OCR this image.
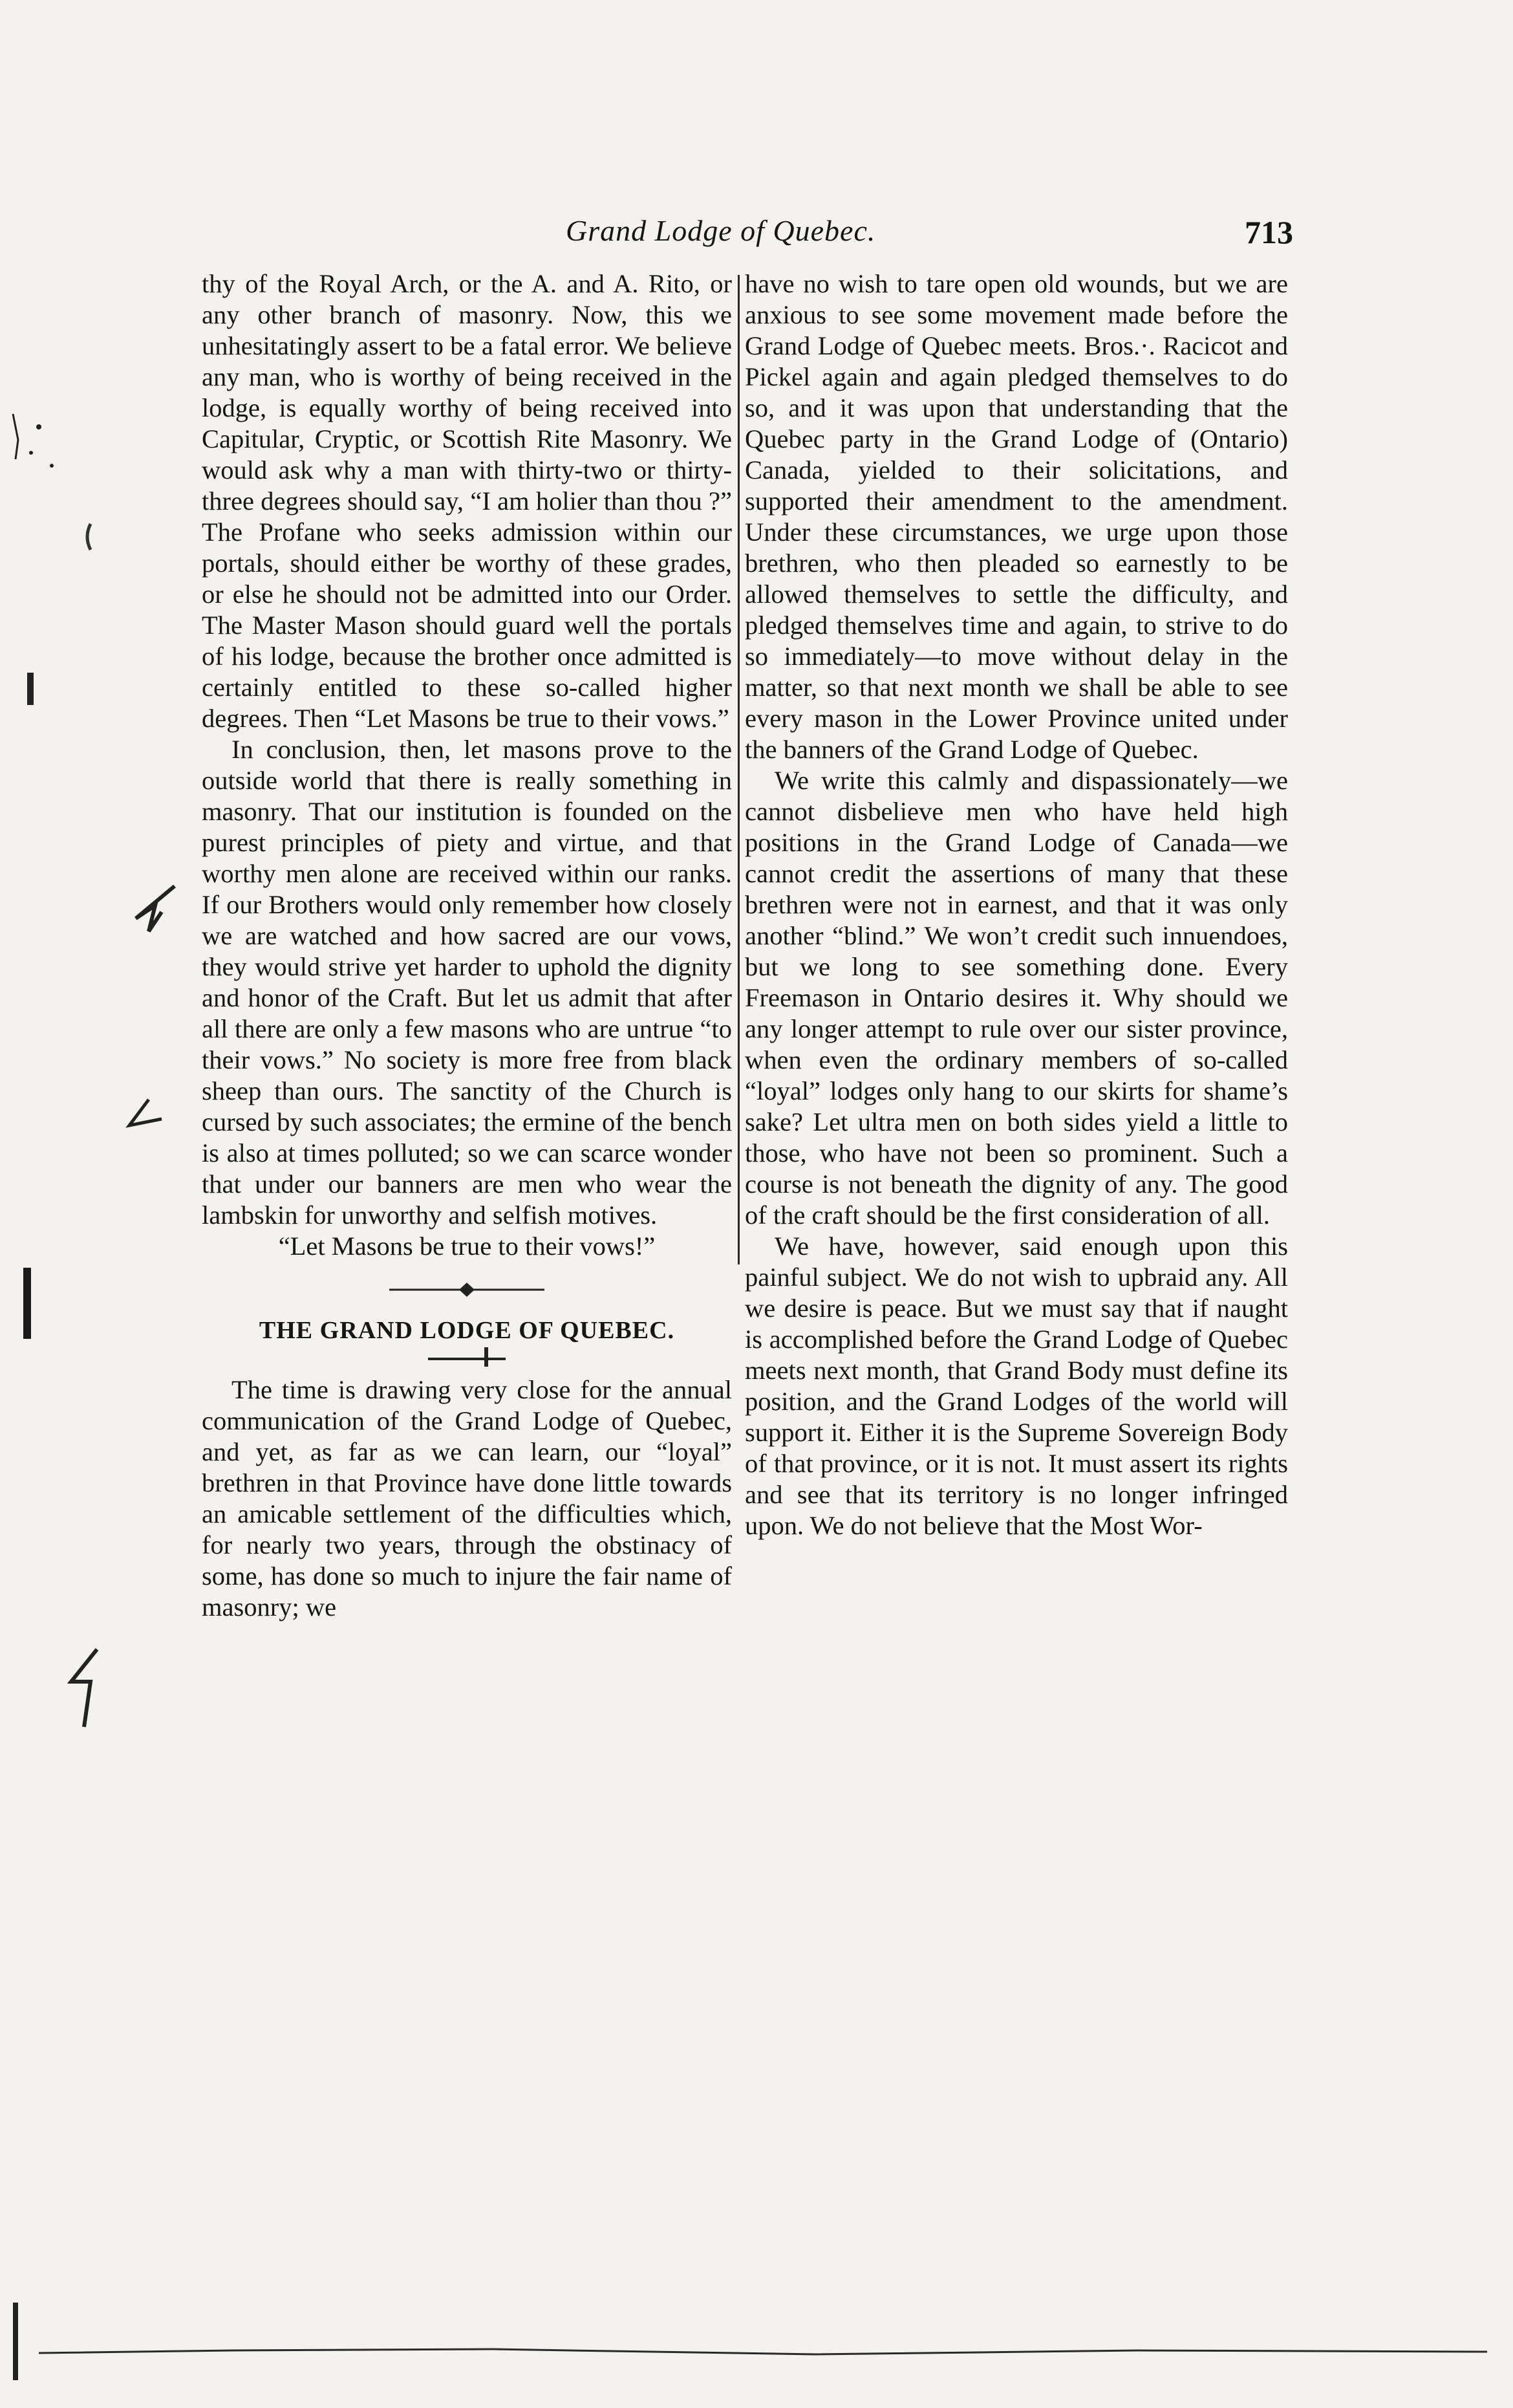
Grand Lodge of Quebec.	713

thy of the Royal Arch, or the A. and A. Rito, or any other branch of masonry. Now, this we unhesitatingly assert to be a fatal error. We believe any man, who is worthy of being received in the lodge, is equally worthy of being received into Capitular, Cryptic, or Scottish Rite Masonry. We would ask why a man with thirty-two or thirty-three degrees should say, “I am holier than thou ?” The Profane who seeks admission within our portals, should either be worthy of these grades, or else he should not be admitted into our Order. The Master Mason should guard well the portals of his lodge, because the brother once admitted is certainly entitled to these so-called higher degrees. Then “Let Masons be true to their vows.”

In conclusion, then, let masons prove to the outside world that there is really something in masonry. That our institution is founded on the purest principles of piety and virtue, and that worthy men alone are received within our ranks. If our Brothers would only remember how closely we are watched and how sacred are our vows, they would strive yet harder to uphold the dignity and honor of the Craft. But let us admit that after all there are only a few masons who are untrue “to their vows.” No society is more free from black sheep than ours. The sanctity of the Church is cursed by such associates; the ermine of the bench is also at times polluted; so we can scarce wonder that under our banners are men who wear the lambskin for unworthy and selfish motives.

“Let Masons be true to their vows!”

THE GRAND LODGE OF QUEBEC.

The time is drawing very close for the annual communication of the Grand Lodge of Quebec, and yet, as far as we can learn, our “loyal” brethren in that Province have done little towards an amicable settlement of the difficulties which, for nearly two years, through the obstinacy of some, has done so much to injure the fair name of masonry; we

have no wish to tare open old wounds, but we are anxious to see some movement made before the Grand Lodge of Quebec meets. Bros.·. Racicot and Pickel again and again pledged themselves to do so, and it was upon that understanding that the Quebec party in the Grand Lodge of (Ontario) Canada, yielded to their solicitations, and supported their amendment to the amendment. Under these circumstances, we urge upon those brethren, who then pleaded so earnestly to be allowed themselves to settle the difficulty, and pledged themselves time and again, to strive to do so immediately—to move without delay in the matter, so that next month we shall be able to see every mason in the Lower Province united under the banners of the Grand Lodge of Quebec.

We write this calmly and dispassionately—we cannot disbelieve men who have held high positions in the Grand Lodge of Canada—we cannot credit the assertions of many that these brethren were not in earnest, and that it was only another “blind.” We won’t credit such innuendoes, but we long to see something done. Every Freemason in Ontario desires it. Why should we any longer attempt to rule over our sister province, when even the ordinary members of so-called “loyal” lodges only hang to our skirts for shame’s sake? Let ultra men on both sides yield a little to those, who have not been so prominent. Such a course is not beneath the dignity of any. The good of the craft should be the first consideration of all.

We have, however, said enough upon this painful subject. We do not wish to upbraid any. All we desire is peace. But we must say that if naught is accomplished before the Grand Lodge of Quebec meets next month, that Grand Body must define its position, and the Grand Lodges of the world will support it. Either it is the Supreme Sovereign Body of that province, or it is not. It must assert its rights and see that its territory is no longer infringed upon. We do not believe that the Most Wor-
